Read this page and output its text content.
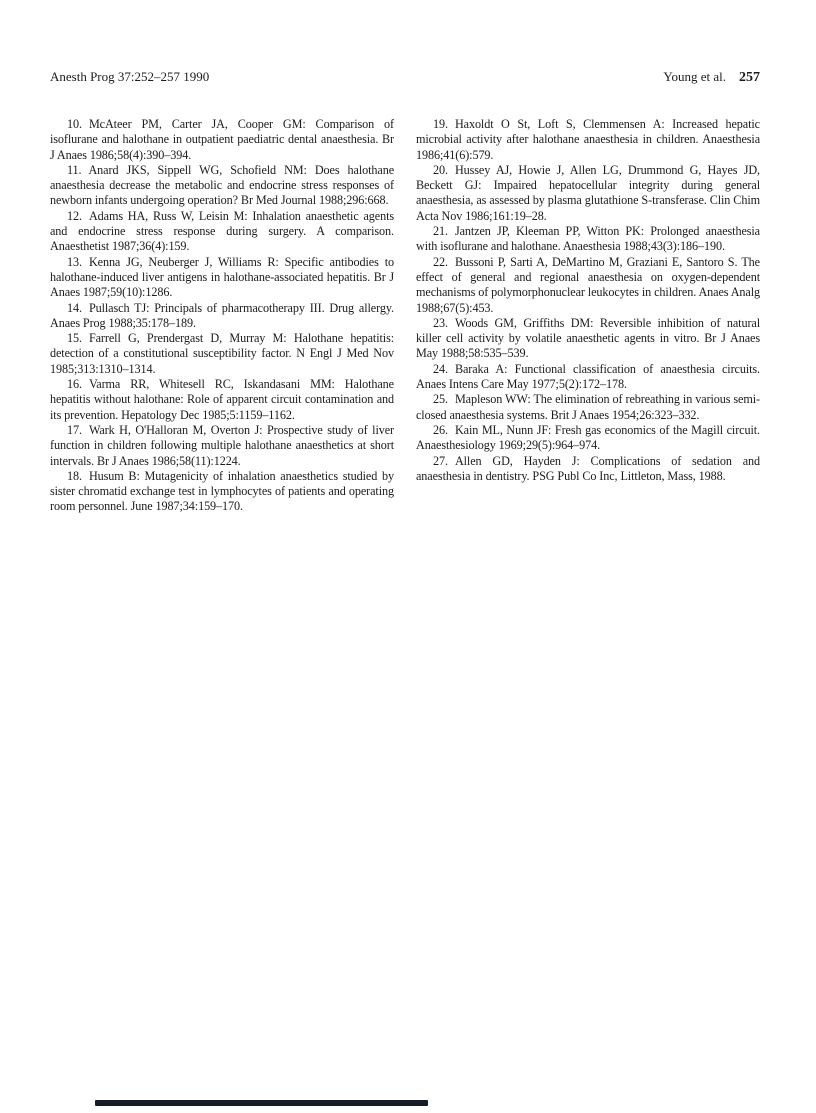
Anesth Prog 37:252–257 1990	Young et al. 257

10. McAteer PM, Carter JA, Cooper GM: Comparison of isoflurane and halothane in outpatient paediatric dental anaesthesia. Br J Anaes 1986;58(4):390–394.

11. Anard JKS, Sippell WG, Schofield NM: Does halothane anaesthesia decrease the metabolic and endocrine stress responses of newborn infants undergoing operation? Br Med Journal 1988;296:668.

12. Adams HA, Russ W, Leisin M: Inhalation anaesthetic agents and endocrine stress response during surgery. A comparison. Anaesthetist 1987;36(4):159.

13. Kenna JG, Neuberger J, Williams R: Specific antibodies to halothane-induced liver antigens in halothane-associated hepatitis. Br J Anaes 1987;59(10):1286.

14. Pullasch TJ: Principals of pharmacotherapy III. Drug allergy. Anaes Prog 1988;35:178–189.

15. Farrell G, Prendergast D, Murray M: Halothane hepatitis: detection of a constitutional susceptibility factor. N Engl J Med Nov 1985;313:1310–1314.

16. Varma RR, Whitesell RC, Iskandasani MM: Halothane hepatitis without halothane: Role of apparent circuit contamination and its prevention. Hepatology Dec 1985;5:1159–1162.

17. Wark H, O'Halloran M, Overton J: Prospective study of liver function in children following multiple halothane anaesthetics at short intervals. Br J Anaes 1986;58(11):1224.

18. Husum B: Mutagenicity of inhalation anaesthetics studied by sister chromatid exchange test in lymphocytes of patients and operating room personnel. June 1987;34:159–170.

19. Haxoldt O St, Loft S, Clemmensen A: Increased hepatic microbial activity after halothane anaesthesia in children. Anaesthesia 1986;41(6):579.

20. Hussey AJ, Howie J, Allen LG, Drummond G, Hayes JD, Beckett GJ: Impaired hepatocellular integrity during general anaesthesia, as assessed by plasma glutathione S-transferase. Clin Chim Acta Nov 1986;161:19–28.

21. Jantzen JP, Kleeman PP, Witton PK: Prolonged anaesthesia with isoflurane and halothane. Anaesthesia 1988;43(3):186–190.

22. Bussoni P, Sarti A, DeMartino M, Graziani E, Santoro S. The effect of general and regional anaesthesia on oxygen-dependent mechanisms of polymorphonuclear leukocytes in children. Anaes Analg 1988;67(5):453.

23. Woods GM, Griffiths DM: Reversible inhibition of natural killer cell activity by volatile anaesthetic agents in vitro. Br J Anaes May 1988;58:535–539.

24. Baraka A: Functional classification of anaesthesia circuits. Anaes Intens Care May 1977;5(2):172–178.

25. Mapleson WW: The elimination of rebreathing in various semi-closed anaesthesia systems. Brit J Anaes 1954;26:323–332.

26. Kain ML, Nunn JF: Fresh gas economics of the Magill circuit. Anaesthesiology 1969;29(5):964–974.

27. Allen GD, Hayden J: Complications of sedation and anaesthesia in dentistry. PSG Publ Co Inc, Littleton, Mass, 1988.
